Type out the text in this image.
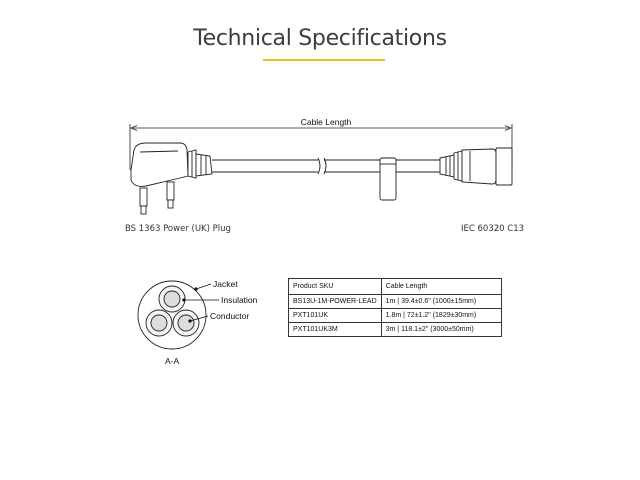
Technical Specifications
Cable Length
BS 1363 Power (UK) Plug	IEC 60320 C13
Jacket
Insulation
Conductor
A-A
Product SKU	Cable Length
BS13U-1M-POWER-LEAD	1m | 39.4±0.6" (1000±15mm)
PXT101UK	1.8m | 72±1.2" (1829±30mm)
PXT101UK3M	3m | 118.1±2" (3000±50mm)
